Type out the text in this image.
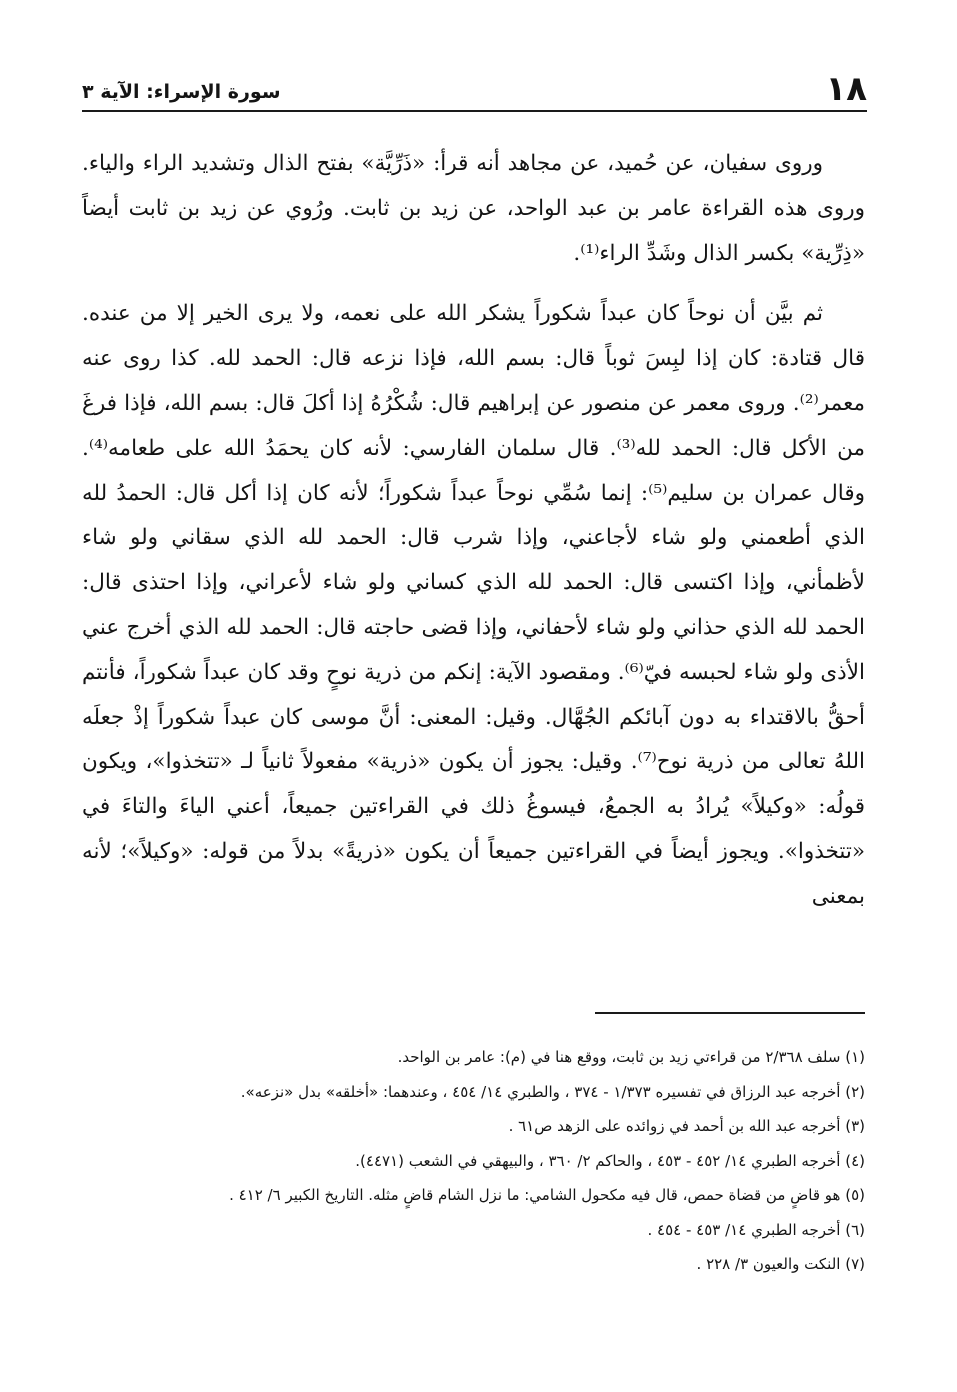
١٨
سورة الإسراء: الآية ٣

وروى سفيان، عن حُميد، عن مجاهد أنه قرأ: «ذَرِّيَّة» بفتح الذال وتشديد الراء والياء. وروى هذه القراءة عامر بن عبد الواحد، عن زيد بن ثابت. ورُوي عن زيد بن ثابت أيضاً «ذِرِّية» بكسر الذال وشَدِّ الراء⁽¹⁾.

ثم بيَّن أن نوحاً كان عبداً شكوراً يشكر الله على نعمه، ولا يرى الخير إلا من عنده. قال قتادة: كان إذا لبِسَ ثوباً قال: بسم الله، فإذا نزعه قال: الحمد لله. كذا روى عنه معمر⁽²⁾. وروى معمر عن منصور عن إبراهيم قال: شُكْرُهُ إذا أكلَ قال: بسم الله، فإذا فرغَ من الأكل قال: الحمد لله⁽³⁾. قال سلمان الفارسي: لأنه كان يحمَدُ الله على طعامه⁽⁴⁾. وقال عمران بن سليم⁽⁵⁾: إنما سُمِّي نوحاً عبداً شكوراً؛ لأنه كان إذا أكل قال: الحمدُ لله الذي أطعمني ولو شاء لأجاعني، وإذا شرب قال: الحمد لله الذي سقاني ولو شاء لأظمأني، وإذا اكتسى قال: الحمد لله الذي كساني ولو شاء لأعراني، وإذا احتذى قال: الحمد لله الذي حذاني ولو شاء لأحفاني، وإذا قضى حاجته قال: الحمد لله الذي أخرج عني الأذى ولو شاء لحبسه فيّ⁽⁶⁾. ومقصود الآية: إنكم من ذرية نوحٍ وقد كان عبداً شكوراً، فأنتم أحقُّ بالاقتداء به دون آبائكم الجُهَّال. وقيل: المعنى: أنَّ موسى كان عبداً شكوراً إذْ جعلَه اللهُ تعالى من ذرية نوح⁽⁷⁾. وقيل: يجوز أن يكون «ذرية» مفعولاً ثانياً لـ «تتخذوا»، ويكون قولُه: «وكيلاً» يُرادُ به الجمعُ، فيسوغُ ذلك في القراءتين جميعاً، أعني الياءَ والتاءَ في «تتخذوا». ويجوز أيضاً في القراءتين جميعاً أن يكون «ذريةً» بدلاً من قوله: «وكيلاً»؛ لأنه بمعنى

(١) سلف ٢/٣٦٨ من قراءتي زيد بن ثابت، ووقع هنا في (م): عامر بن الواحد.
(٢) أخرجه عبد الرزاق في تفسيره ١/٣٧٣ - ٣٧٤ ، والطبري ١٤/ ٤٥٤ ، وعندهما: «أخلقه» بدل «نزعه».
(٣) أخرجه عبد الله بن أحمد في زوائده على الزهد ص٦١ .
(٤) أخرجه الطبري ١٤/ ٤٥٢ - ٤٥٣ ، والحاكم ٢/ ٣٦٠ ، والبيهقي في الشعب (٤٤٧١).
(٥) هو قاضٍ من قضاة حمص، قال فيه مكحول الشامي: ما نزل الشام قاضٍ مثله. التاريخ الكبير ٦/ ٤١٢ .
(٦) أخرجه الطبري ١٤/ ٤٥٣ - ٤٥٤ .
(٧) النكت والعيون ٣/ ٢٢٨ .
